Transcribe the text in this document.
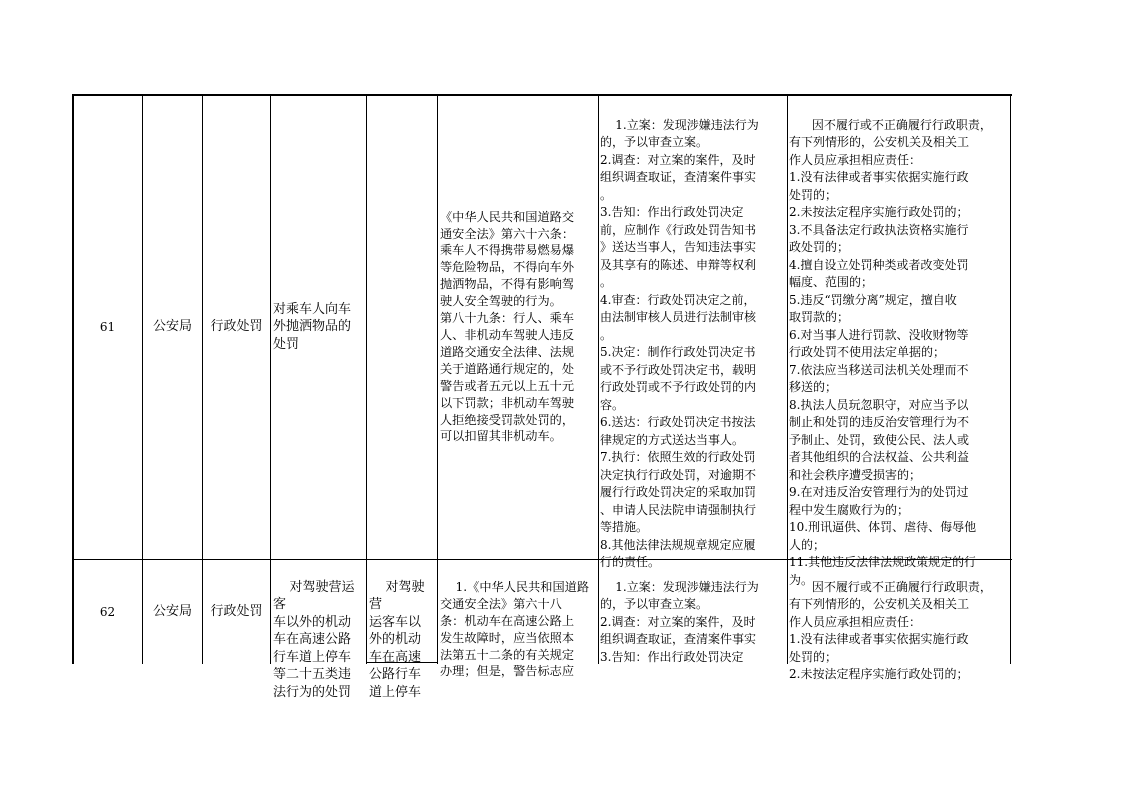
61	公安局 行政处罚
对乘车人向车
外抛洒物品的
处罚
《中华人民共和国道路交
通安全法》第六十六条：
乘车人不得携带易燃易爆
等危险物品，不得向车外
抛洒物品，不得有影响驾
驶人安全驾驶的行为。
第八十九条：行人、乘车
人、非机动车驾驶人违反
道路交通安全法律、法规
关于道路通行规定的，处
警告或者五元以上五十元
以下罚款；非机动车驾驶
人拒绝接受罚款处罚的，
可以扣留其非机动车。

1.立案：发现涉嫌违法行为
的，予以审查立案。
2.调查：对立案的案件，及时
组织调查取证，查清案件事实
。
3.告知：作出行政处罚决定
前，应制作《行政处罚告知书
》送达当事人，告知违法事实
及其享有的陈述、申辩等权利
。
4.审查：行政处罚决定之前，
由法制审核人员进行法制审核
。
5.决定：制作行政处罚决定书
或不予行政处罚决定书，载明
行政处罚或不予行政处罚的内
容。
6.送达：行政处罚决定书按法
律规定的方式送达当事人。
7.执行：依照生效的行政处罚
决定执行行政处罚，对逾期不
履行行政处罚决定的采取加罚
、申请人民法院申请强制执行
等措施。
8.其他法律法规规章规定应履
行的责任。

因不履行或不正确履行行政职责，
有下列情形的，公安机关及相关工
作人员应承担相应责任：
1.没有法律或者事实依据实施行政
处罚的；
2.未按法定程序实施行政处罚的；
3.不具备法定行政执法资格实施行
政处罚的；
4.擅自设立处罚种类或者改变处罚
幅度、范围的；
5.违反“罚缴分离”规定，擅自收
取罚款的；
6.对当事人进行罚款、没收财物等
行政处罚不使用法定单据的；
7.依法应当移送司法机关处理而不
移送的；
8.执法人员玩忽职守，对应当予以
制止和处罚的违反治安管理行为不
予制止、处罚，致使公民、法人或
者其他组织的合法权益、公共利益
和社会秩序遭受损害的；
9.在对违反治安管理行为的处罚过
程中发生腐败行为的；
10.刑讯逼供、体罚、虐待、侮辱他
人的；
11.其他违反法律法规政策规定的行
为。

62	公安局 行政处罚

对驾驶营运客
车以外的机动
车在高速公路
行车道上停车
等二十五类违
法行为的处罚

对驾驶营
运客车以
外的机动
车在高速
公路行车
道上停车

1.《中华人民共和国道路
交通安全法》第六十八
条：机动车在高速公路上
发生故障时，应当依照本
法第五十二条的有关规定
办理；但是，警告标志应

1.立案：发现涉嫌违法行为
的，予以审查立案。
2.调查：对立案的案件，及时
组织调查取证，查清案件事实
3.告知：作出行政处罚决定

因不履行或不正确履行行政职责，
有下列情形的，公安机关及相关工
作人员应承担相应责任：
1.没有法律或者事实依据实施行政
处罚的；
2.未按法定程序实施行政处罚的；
